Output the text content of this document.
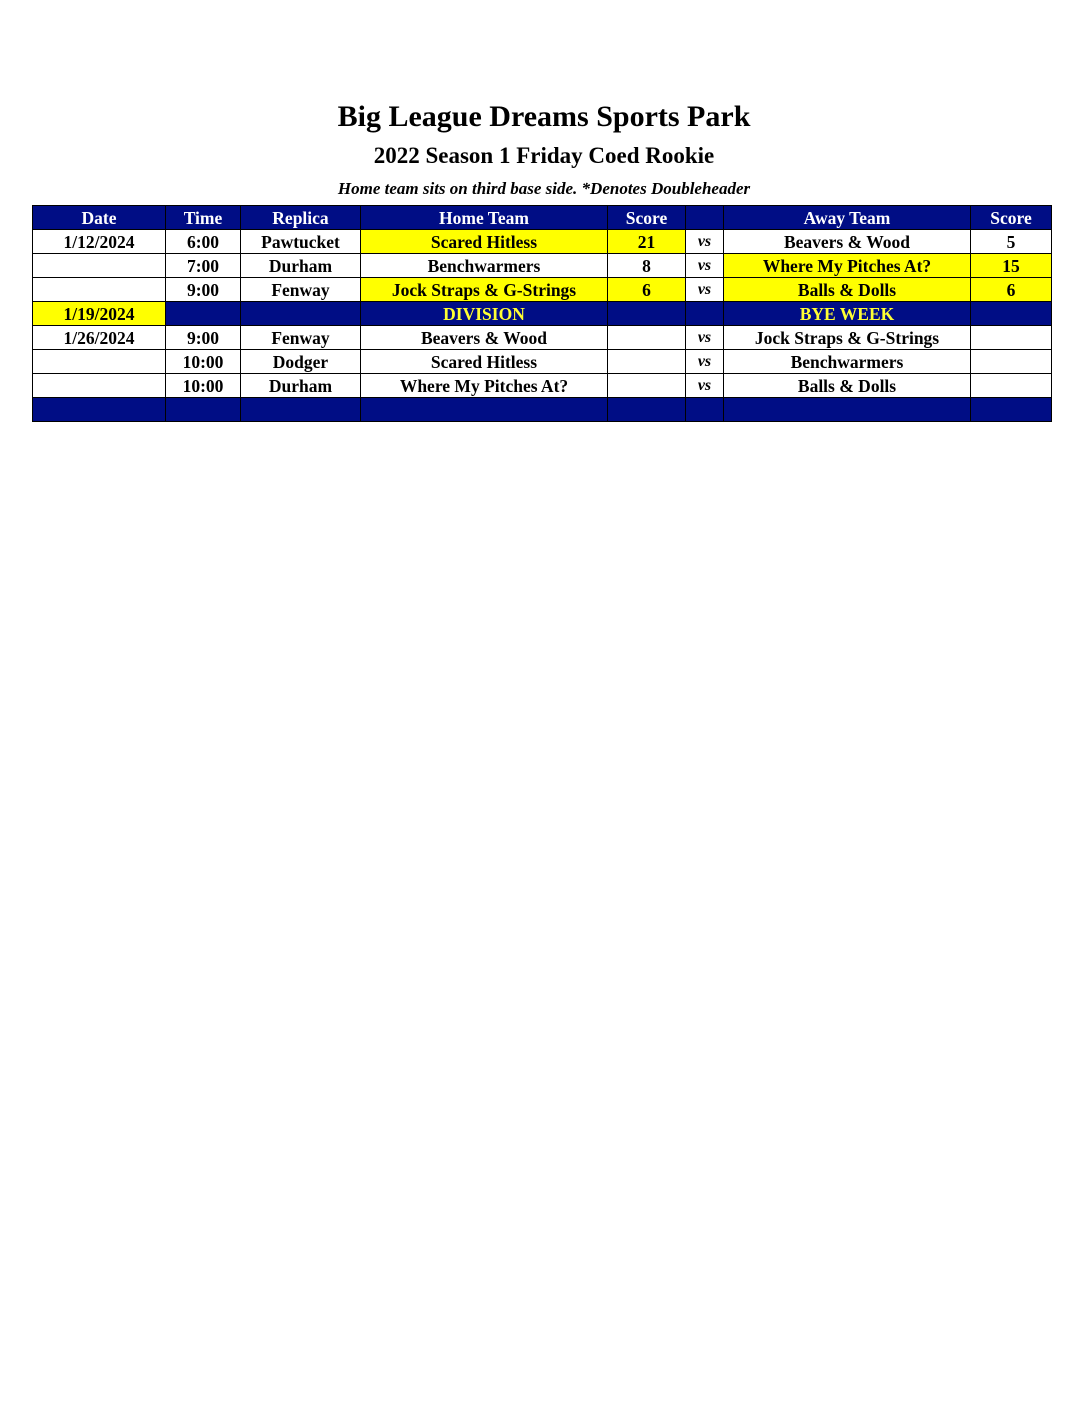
Big League Dreams Sports Park
2022 Season 1 Friday Coed Rookie
Home team sits on third base side. *Denotes Doubleheader
Date	Time	Replica	Home Team	Score		Away Team	Score
1/12/2024	6:00	Pawtucket	Scared Hitless	21	vs	Beavers & Wood	5
	7:00	Durham	Benchwarmers	8	vs	Where My Pitches At?	15
	9:00	Fenway	Jock Straps & G-Strings	6	vs	Balls & Dolls	6
1/19/2024			DIVISION			BYE WEEK	
1/26/2024	9:00	Fenway	Beavers & Wood		vs	Jock Straps & G-Strings	
	10:00	Dodger	Scared Hitless		vs	Benchwarmers	
	10:00	Durham	Where My Pitches At?		vs	Balls & Dolls	
